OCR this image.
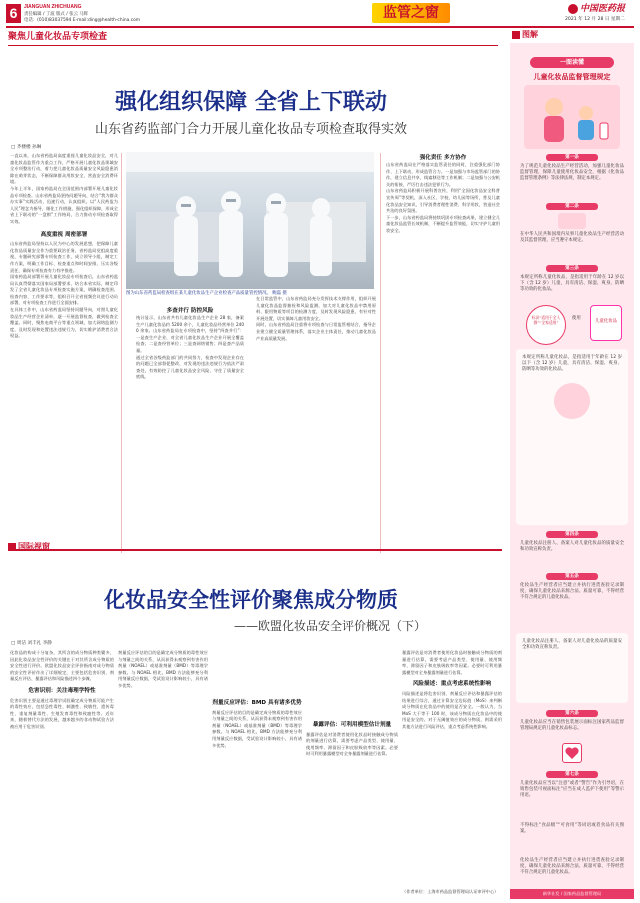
6	JIANGUAN ZHICHUANG
责任编辑 / 丁波 版式 / 张云 马辉
电话：(010)83037594 E-mail:ding@health-china.com	监管之窗	中国医药报
2021 年 12 月 28 日 星期二
聚焦儿童化妆品专项检查
强化组织保障 全省上下联动
山东省药监部门合力开展儿童化妆品专项检查取得实效
□ 齐楼楼 孙琳

一直以来，山东省药监局高度重视儿童化妆品安全，对儿童化妆品监管作为重点工作，严格开展儿童化妆品领域安全专项整治行动，着力把儿童化妆品质量安全风险隐患消除在萌芽状态，不断保障群众用妆安全，营造安全消费环境。

今年上半年，国家药监局在全国范围内部署开展儿童化妆品专项检查。山东省药监局坚持问题导向，结合“我为群众办实事”实践活动，迅速行动，认真组织，以“人民药监为人民”理念为指导，细化工作措施，强化组织保障，形成全省上下联动的“一盘棋”工作格局，合力推动专项检查取得实效。

高度重视 周密部署

山东省药监局坚持以人民为中心的发展思想，把保障儿童化妆品质量安全作为重要政治任务，省药监局党组高度重视，专题研究部署专项检查工作，成立领导小组，制定工作方案，明确工作目标、检查重点和时间安排，压实各级责任，确保专项检查有力有序推进。

国家药监局部署开展儿童化妆品专项检查后，山东省药监局认真贯彻落实国家局部署要求，结合本省实际，制定印发了全省儿童化妆品专项检查实施方案，明确检查范围、检查内容、工作要求等，组织召开全省视频会议进行动员部署，对专项检查工作进行全面安排。

在具体工作中，山东省药监局坚持问题导向，对照儿童化妆品生产经营企业清单，逐一开展监督检查，做到检查全覆盖。同时，聚焦电商平台等重点领域，加大网络监测力度，及时发现和处置违法违规行为，切实维护消费者合法权益。

图为山东省药监局检查组在某儿童化妆品生产企业检查产品质量管控情况。 鲍磊 摄
多查并行 防控风险

统计显示，山东省共有儿童化妆品生产企业 28 家，备案生产儿童化妆品约 5200 余个，儿童化妆品经营单位 2400 余家。山东省药监局在专项检查中，坚持“四查并行”：一是查生产企业，对全省儿童化妆品生产企业开展全覆盖检查；二是查经营单位；三是查网络销售；四是查产品质量。

通过全省各级药监部门的共同努力，检查中发现企业存在的问题已全部督促整改，对发现的违法违规行为依法严肃查处，有效防控了儿童化妆品安全风险，守住了质量安全底线。

在日常监管中，山东省药监局充分发挥技术支撑作用，组织开展儿童化妆品监督抽检和风险监测，加大对儿童化妆品中禁用原料、限用物质等项目的检测力度，及时发现风险隐患，有针对性开展处置，切实保障儿童用妆安全。

同时，山东省药监局注重将专项检查与日常监管相结合，指导企业建立健全质量管理体系，落实企业主体责任，推动儿童化妆品产业高质量发展。

强化责任 多方协作

山东省药监局在严格落实监管责任的同时，注重强化部门协作、上下联动，形成监管合力。一是加强与市场监管部门的协作，建立信息共享、线索移送等工作机制；二是加强与公安机关的衔接，严厉打击违法犯罪行为。

山东省药监局积极开展科普宣传，利用“全国化妆品安全科普宣传周”等契机，深入社区、学校、幼儿园等场所，普及儿童化妆品安全知识，引导消费者理性消费、科学用妆，营造社会共治的良好氛围。

下一步，山东省药监局将持续巩固专项检查成果，建立健全儿童化妆品监管长效机制，不断提升监管效能，切实守护儿童用妆安全。

国际视窗
化妆品安全性评价聚焦成分物质
——欧盟化妆品安全评价概况（下）
□ 周洁 刘丰礼 李静

化妆品的构成十分复杂，其所含的成分物质种类繁多，因此化妆品安全性评价的关键在于对其所含成分物质的安全性进行评价。欧盟化妆品安全评价指南对成分物质的安全性评价作出了详细规定，主要包括危害识别、剂量反应评估、暴露评估和风险描述四个步骤。

危害识别：关注毒理学特性

危害识别主要是通过毒理学试验确定成分物质可能产生的毒性效应，包括急性毒性、刺激性、致敏性、遗传毒性、重复剂量毒性、生殖发育毒性和致癌性等。近年来，随着替代方法的发展，越来越多的非动物试验方法被应用于危害识别。

剂量反应评估的目的是确定成分物质的毒性效应与剂量之间的关系，从而获得未观察到有害作用剂量（NOAEL）或基准剂量（BMD）等毒理学参数。与 NOAEL 相比，BMD 方法能够充分利用剂量反应数据，受试验设计影响较小，具有诸多优势。

剂量反应评估：BMD 具有诸多优势

剂量反应评估的目的是确定成分物质的毒性效应与剂量之间的关系，从而获得未观察到有害作用剂量（NOAEL）或基准剂量（BMD）等毒理学参数。与 NOAEL 相比，BMD 方法能够充分利用剂量反应数据，受试验设计影响较小，具有诸多优势。

暴露评估：可利用模型估计剂量

暴露评估是对消费者使用化妆品时接触成分物质的剂量进行估算，需要考虑产品类型、使用量、使用频率、滞留因子和皮肤吸收率等因素。必要时可利用暴露模型对全身暴露剂量进行估算。

暴露评估是对消费者使用化妆品时接触成分物质的剂量进行估算，需要考虑产品类型、使用量、使用频率、滞留因子和皮肤吸收率等因素。必要时可利用暴露模型对全身暴露剂量进行估算。

风险描述：重点考虑系统性影响

风险描述是将危害识别、剂量反应评估和暴露评估的结果进行综合，通过计算安全边际值（MoS）来判断成分物质在化妆品中的使用是否安全。一般认为，当 MoS 大于等于 100 时，该成分物质在化妆品中的使用是安全的。对于无阈值效应的成分物质，则需采用其他方法进行风险评估，重点考虑系统性影响。

（作者单位：上海市药品监督管理局认证审评中心）
图解
一图读懂
儿童化妆品监督管理规定
第一条
为了规范儿童化妆品生产经营活动，加强儿童化妆品监督管理，保障儿童使用化妆品安全，根据《化妆品监督管理条例》等法律法规，制定本规定。
第二条
在中华人民共和国境内从事儿童化妆品生产经营活动及其监督管理，应当遵守本规定。
第三条
本规定所称儿童化妆品，是指适用于年龄在 12 岁以下（含 12 岁）儿童，具有清洁、保湿、爽身、防晒等功效的化妆品。
标识“适用于全人群”“全家适用”
使用
儿童化妆品
本规定所称儿童化妆品，是指适用于年龄在 12 岁以下（含 12 岁）儿童，具有清洁、保湿、爽身、防晒等功效的化妆品。
第四条
儿童化妆品注册人、备案人对儿童化妆品的质量安全和功效宣称负责。
第五条
化妆品生产经营者应当建立并执行进货查验记录制度，确保儿童化妆品来源合法、质量可靠，不得经营不符合规定的儿童化妆品。
儿童化妆品注册人、备案人对儿童化妆品的质量安全和功效宣称负责。
第六条
儿童化妆品应当在销售包装展示面标注国家药品监督管理局规定的儿童化妆品标志。
第七条
儿童化妆品应当以“注意”或者“警告”作为引导语，在销售包装可视面标注“应当在成人监护下使用”等警示用语。
不得标注“食品级”“可食用”等词语或者食品有关图案。
化妆品生产经营者应当建立并执行进货查验记录制度，确保儿童化妆品来源合法、质量可靠，不得经营不符合规定的儿童化妆品。
新华社发 / 国家药品监督管理局
